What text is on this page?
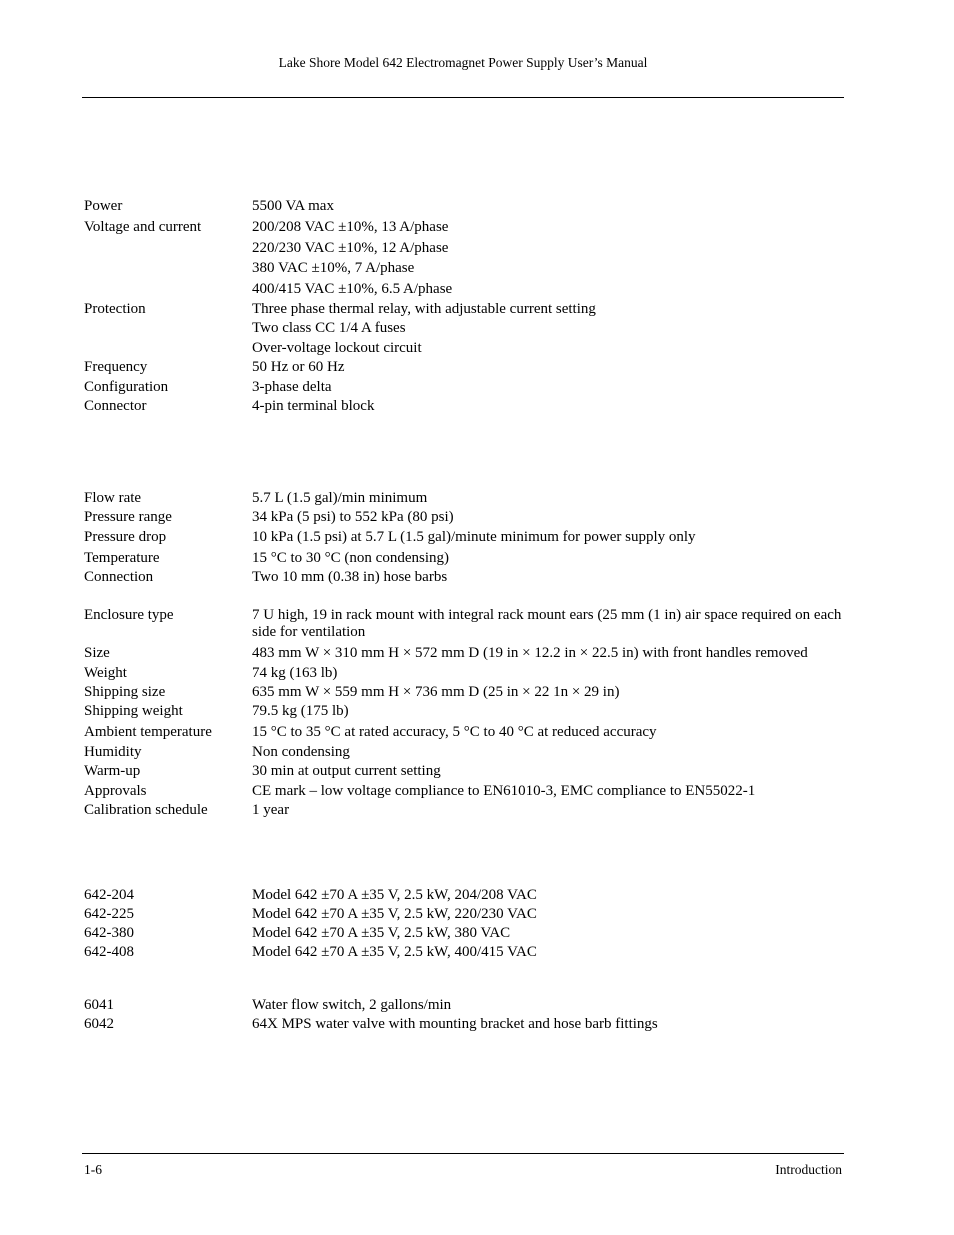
Lake Shore Model 642 Electromagnet Power Supply User’s Manual
Power	5500 VA max
Voltage and current	200/208 VAC ±10%, 13 A/phase
220/230 VAC ±10%, 12 A/phase
380 VAC ±10%, 7 A/phase
400/415 VAC ±10%, 6.5 A/phase
Protection	Three phase thermal relay, with adjustable current setting
Two class CC 1/4 A fuses
Over-voltage lockout circuit
Frequency	50 Hz or 60 Hz
Configuration	3-phase delta
Connector	4-pin terminal block
Flow rate	5.7 L (1.5 gal)/min minimum
Pressure range	34 kPa (5 psi) to 552 kPa (80 psi)
Pressure drop	10 kPa (1.5 psi) at 5.7 L (1.5 gal)/minute minimum for power supply only
Temperature	15 °C to 30 °C (non condensing)
Connection	Two 10 mm (0.38 in) hose barbs
Enclosure type	7 U high, 19 in rack mount with integral rack mount ears (25 mm (1 in) air space required on each side for ventilation
Size	483 mm W × 310 mm H × 572 mm D (19 in × 12.2 in × 22.5 in) with front handles removed
Weight	74 kg (163 lb)
Shipping size	635 mm W × 559 mm H × 736 mm D (25 in × 22 1n × 29 in)
Shipping weight	79.5 kg (175 lb)
Ambient temperature	15 °C to 35 °C at rated accuracy, 5 °C to 40 °C at reduced accuracy
Humidity	Non condensing
Warm-up	30 min at output current setting
Approvals	CE mark – low voltage compliance to EN61010-3, EMC compliance to EN55022-1
Calibration schedule	1 year
642-204	Model 642 ±70 A ±35 V, 2.5 kW, 204/208 VAC
642-225	Model 642 ±70 A ±35 V, 2.5 kW, 220/230 VAC
642-380	Model 642 ±70 A ±35 V, 2.5 kW, 380 VAC
642-408	Model 642 ±70 A ±35 V, 2.5 kW, 400/415 VAC
6041	Water flow switch, 2 gallons/min
6042	64X MPS water valve with mounting bracket and hose barb fittings
1-6	Introduction
